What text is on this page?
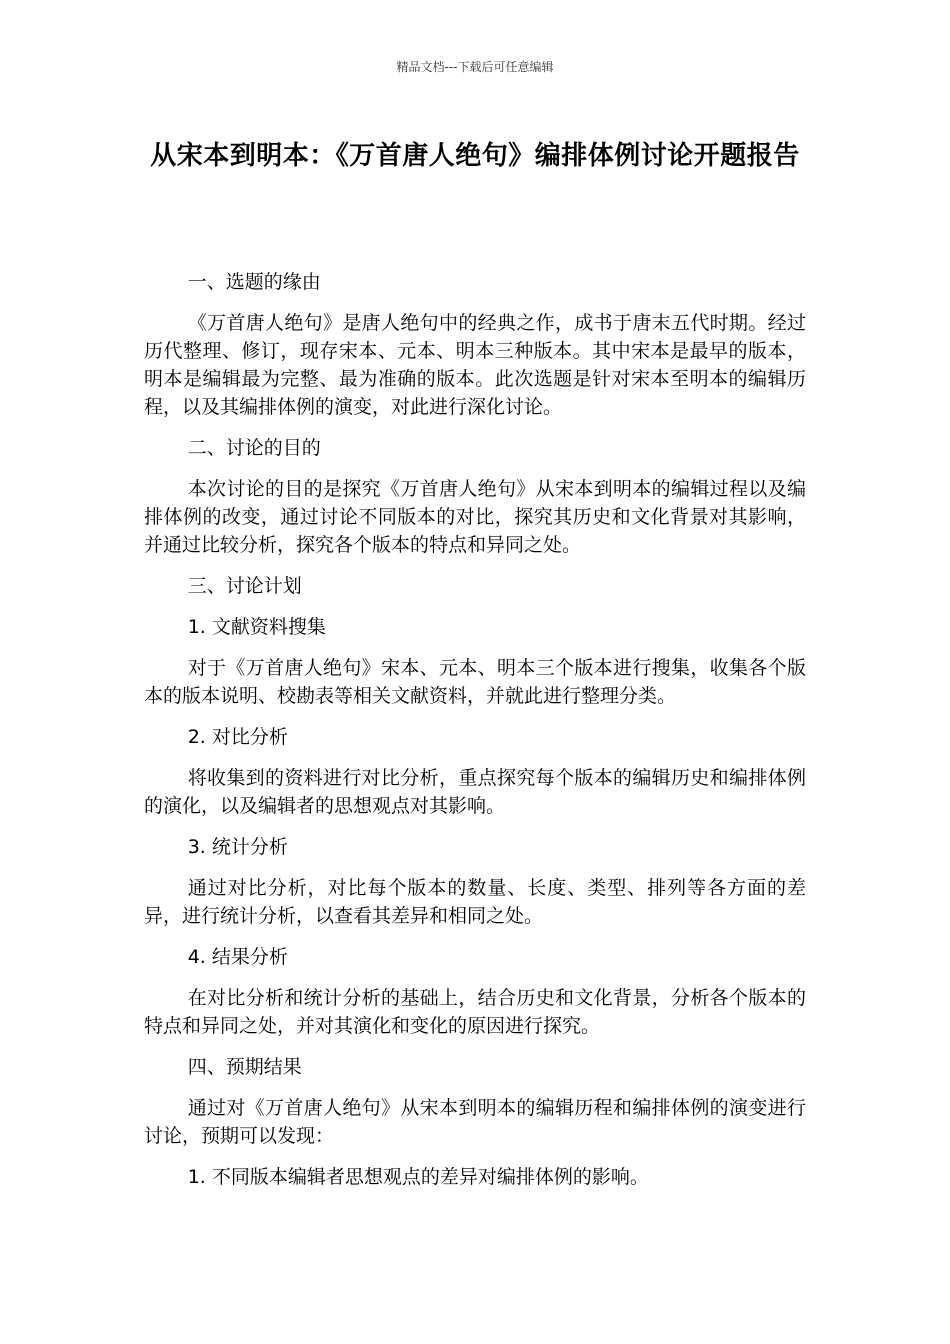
精品文档---下载后可任意编辑
从宋本到明本：《万首唐人绝句》编排体例讨论开题报告

一、选题的缘由

《万首唐人绝句》是唐人绝句中的经典之作，成书于唐末五代时期。经过历代整理、修订，现存宋本、元本、明本三种版本。其中宋本是最早的版本，明本是编辑最为完整、最为准确的版本。此次选题是针对宋本至明本的编辑历程，以及其编排体例的演变，对此进行深化讨论。

二、讨论的目的

本次讨论的目的是探究《万首唐人绝句》从宋本到明本的编辑过程以及编排体例的改变，通过讨论不同版本的对比，探究其历史和文化背景对其影响，并通过比较分析，探究各个版本的特点和异同之处。

三、讨论计划

1. 文献资料搜集

对于《万首唐人绝句》宋本、元本、明本三个版本进行搜集，收集各个版本的版本说明、校勘表等相关文献资料，并就此进行整理分类。

2. 对比分析

将收集到的资料进行对比分析，重点探究每个版本的编辑历史和编排体例的演化，以及编辑者的思想观点对其影响。

3. 统计分析

通过对比分析，对比每个版本的数量、长度、类型、排列等各方面的差异，进行统计分析，以查看其差异和相同之处。

4. 结果分析

在对比分析和统计分析的基础上，结合历史和文化背景，分析各个版本的特点和异同之处，并对其演化和变化的原因进行探究。

四、预期结果

通过对《万首唐人绝句》从宋本到明本的编辑历程和编排体例的演变进行讨论，预期可以发现：

1. 不同版本编辑者思想观点的差异对编排体例的影响。
